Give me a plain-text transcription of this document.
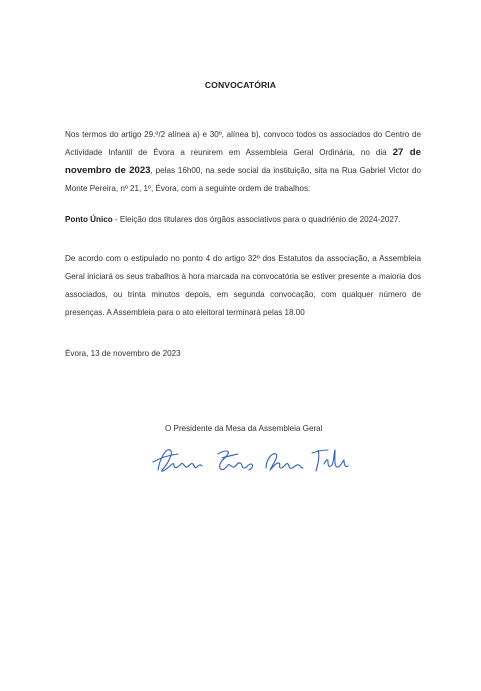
CONVOCATÓRIA
Nos termos do artigo 29.º/2 alínea a) e 30º, alínea b), convoco todos os associados do Centro de Actividade Infantil de Évora a reunirem em Assembleia Geral Ordinária, no dia 27 de novembro de 2023, pelas 16h00, na sede social da instituição, sita na Rua Gabriel Victor do Monte Pereira, nº 21, 1º, Évora, com a seguinte ordem de trabalhos:
Ponto Único - Eleição dos titulares dos órgãos associativos para o quadriénio de 2024-2027.
De acordo com o estipulado no ponto 4 do artigo 32º dos Estatutos da associação, a Assembleia Geral iniciará os seus trabalhos à hora marcada na convocatória se estiver presente a maioria dos associados, ou trinta minutos depois, em segunda convocação, com qualquer número de presenças. A Assembleia para o ato eleitoral terminará pelas 18.00
Évora, 13 de novembro de 2023
O Presidente da Mesa da Assembleia Geral
